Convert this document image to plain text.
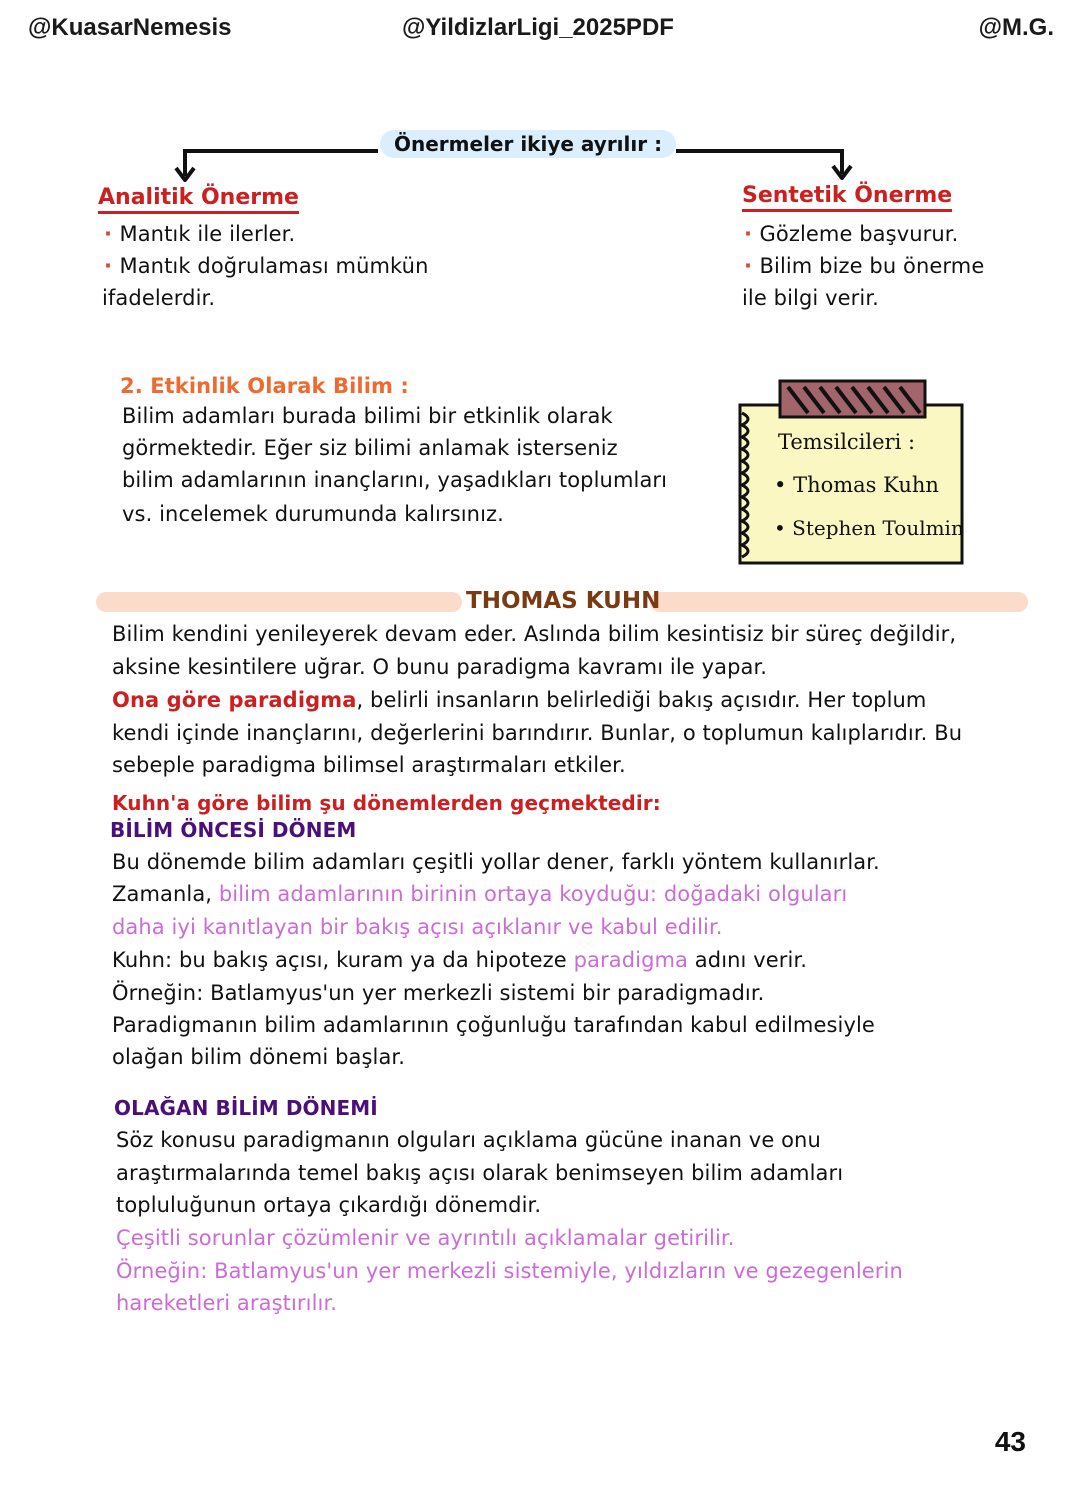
@KuasarNemesis	@YildizlarLigi_2025PDF	@M.G.
Önermeler ikiye ayrılır :
Analitik Önerme
· Mantık ile ilerler.
· Mantık doğrulaması mümkün
ifadelerdir.
Sentetik Önerme
· Gözleme başvurur.
· Bilim bize bu önerme
ile bilgi verir.
2. Etkinlik Olarak Bilim :
Bilim adamları burada bilimi bir etkinlik olarak
görmektedir. Eğer siz bilimi anlamak isterseniz
bilim adamlarının inançlarını, yaşadıkları toplumları
vs. incelemek durumunda kalırsınız.
Temsilcileri :
• Thomas Kuhn
• Stephen Toulmin
THOMAS KUHN
Bilim kendini yenileyerek devam eder. Aslında bilim kesintisiz bir süreç değildir,
aksine kesintilere uğrar. O bunu paradigma kavramı ile yapar.
Ona göre paradigma, belirli insanların belirlediği bakış açısıdır. Her toplum
kendi içinde inançlarını, değerlerini barındırır. Bunlar, o toplumun kalıplarıdır. Bu
sebeple paradigma bilimsel araştırmaları etkiler.
Kuhn'a göre bilim şu dönemlerden geçmektedir:
BİLİM ÖNCESİ DÖNEM
Bu dönemde bilim adamları çeşitli yollar dener, farklı yöntem kullanırlar.
Zamanla, bilim adamlarının birinin ortaya koyduğu: doğadaki olguları
daha iyi kanıtlayan bir bakış açısı açıklanır ve kabul edilir.
Kuhn: bu bakış açısı, kuram ya da hipoteze paradigma adını verir.
Örneğin: Batlamyus'un yer merkezli sistemi bir paradigmadır.
Paradigmanın bilim adamlarının çoğunluğu tarafından kabul edilmesiyle
olağan bilim dönemi başlar.
OLAĞAN BİLİM DÖNEMİ
Söz konusu paradigmanın olguları açıklama gücüne inanan ve onu
araştırmalarında temel bakış açısı olarak benimseyen bilim adamları
topluluğunun ortaya çıkardığı dönemdir.
Çeşitli sorunlar çözümlenir ve ayrıntılı açıklamalar getirilir.
Örneğin: Batlamyus'un yer merkezli sistemiyle, yıldızların ve gezegenlerin
hareketleri araştırılır.
43
